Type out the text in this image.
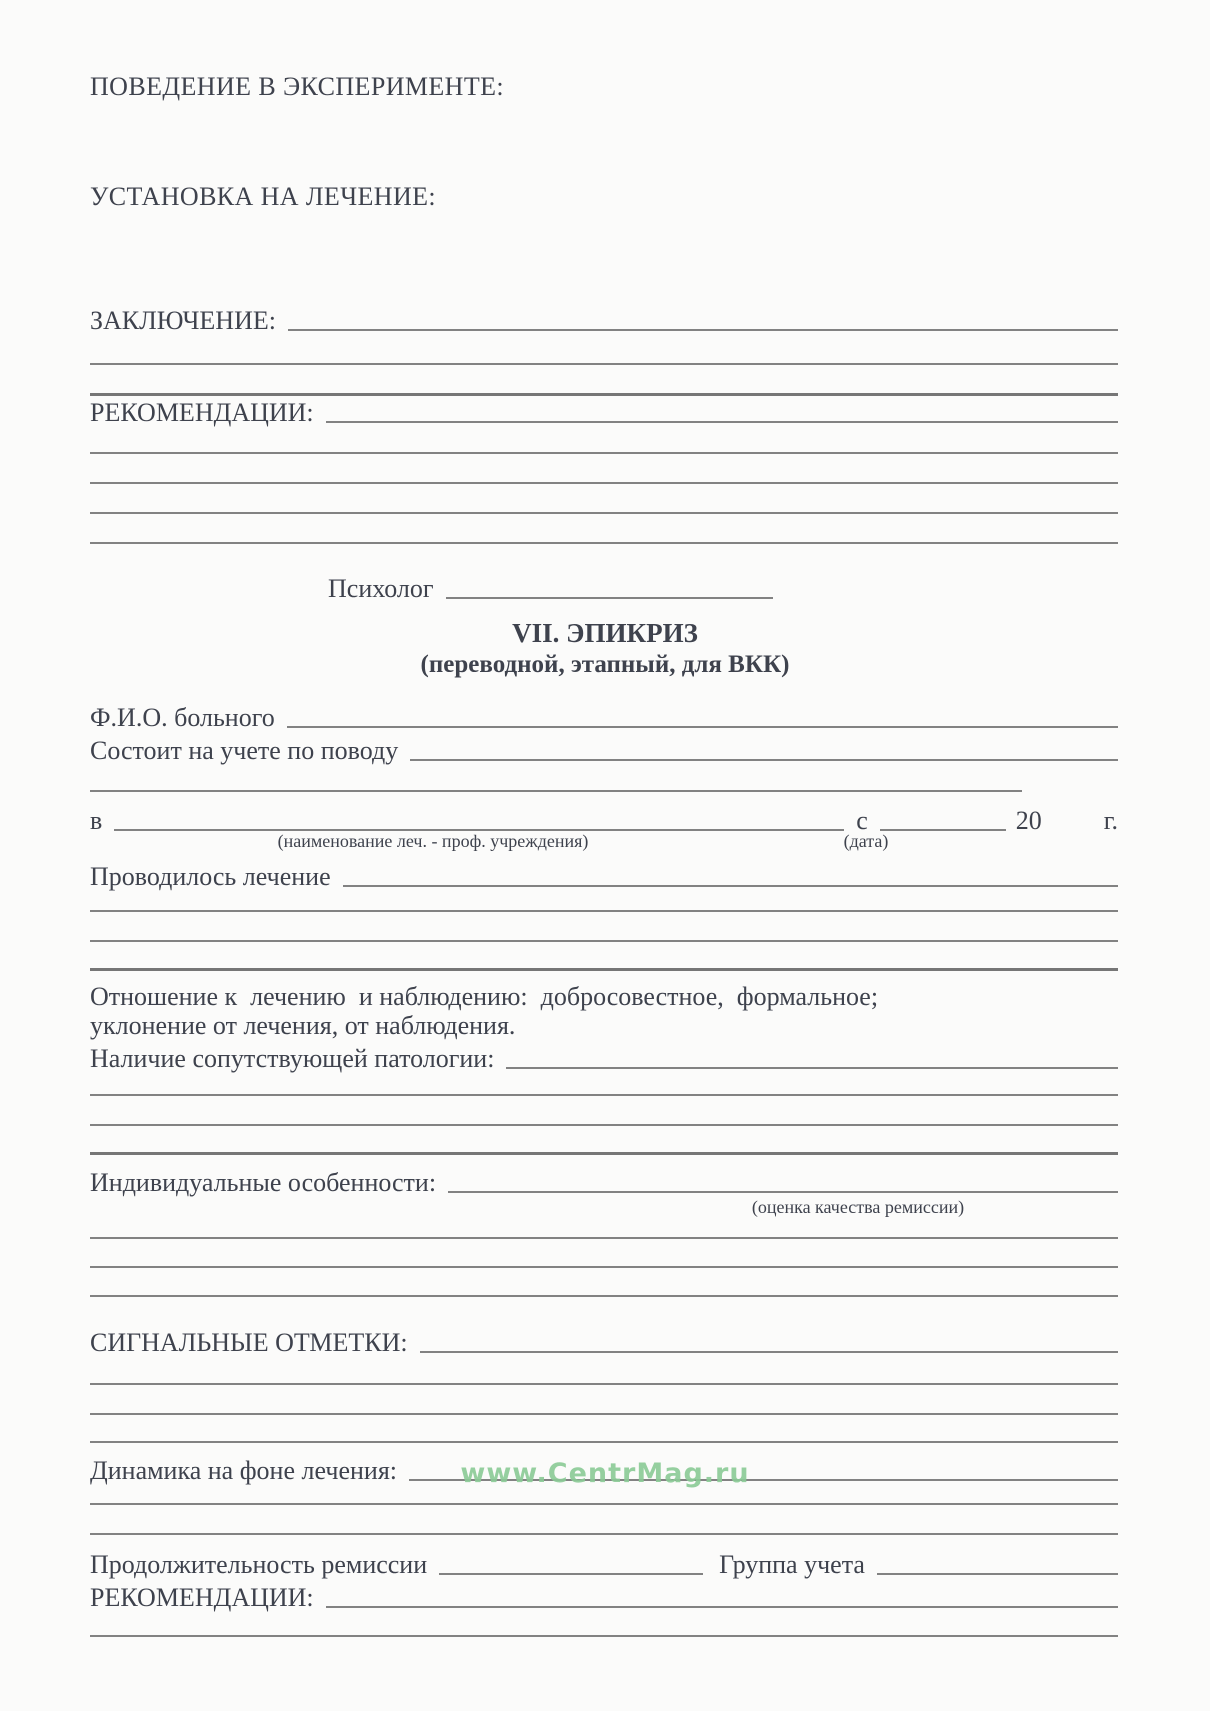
ПОВЕДЕНИЕ В ЭКСПЕРИМЕНТЕ:
УСТАНОВКА НА ЛЕЧЕНИЕ:
ЗАКЛЮЧЕНИЕ:
РЕКОМЕНДАЦИИ:
Психолог
VII. ЭПИКРИЗ
(переводной, этапный, для ВКК)
Ф.И.О. больного
Состоит на учете по поводу
в	с	20 г.
(наименование леч. - проф. учреждения)	(дата)
Проводилось лечение
Отношение к  лечению  и наблюдению:  добросовестное,  формальное;
уклонение от лечения, от наблюдения.
Наличие сопутствующей патологии:
Индивидуальные особенности:
(оценка качества ремиссии)
СИГНАЛЬНЫЕ ОТМЕТКИ:
Динамика на фоне лечения:	www.CentrMag.ru
Продолжительность ремиссии	Группа учета
РЕКОМЕНДАЦИИ:
